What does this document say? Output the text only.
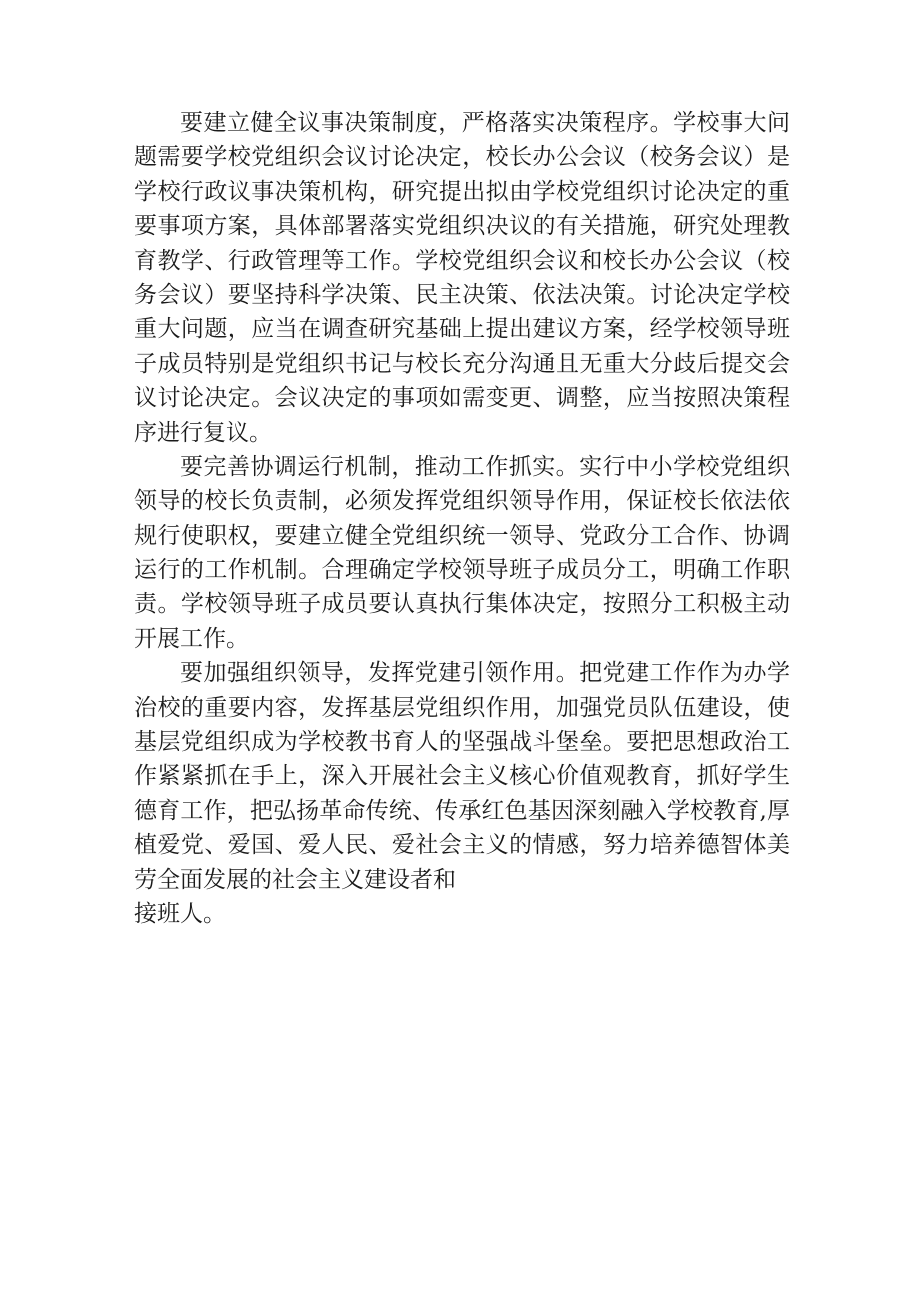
要建立健全议事决策制度，严格落实决策程序。学校事大问
题需要学校党组织会议讨论决定，校长办公会议（校务会议）是
学校行政议事决策机构，研究提出拟由学校党组织讨论决定的重
要事项方案，具体部署落实党组织决议的有关措施，研究处理教
育教学、行政管理等工作。学校党组织会议和校长办公会议（校
务会议）要坚持科学决策、民主决策、依法决策。讨论决定学校
重大问题，应当在调查研究基础上提出建议方案，经学校领导班
子成员特别是党组织书记与校长充分沟通且无重大分歧后提交会
议讨论决定。会议决定的事项如需变更、调整，应当按照决策程
序进行复议。
要完善协调运行机制，推动工作抓实。实行中小学校党组织
领导的校长负责制，必须发挥党组织领导作用，保证校长依法依
规行使职权，要建立健全党组织统一领导、党政分工合作、协调
运行的工作机制。合理确定学校领导班子成员分工，明确工作职
责。学校领导班子成员要认真执行集体决定，按照分工积极主动
开展工作。
要加强组织领导，发挥党建引领作用。把党建工作作为办学
治校的重要内容，发挥基层党组织作用，加强党员队伍建设，使
基层党组织成为学校教书育人的坚强战斗堡垒。要把思想政治工
作紧紧抓在手上，深入开展社会主义核心价值观教育，抓好学生
德育工作，把弘扬革命传统、传承红色基因深刻融入学校教育,厚
植爱党、爱国、爱人民、爱社会主义的情感，努力培养德智体美
劳全面发展的社会主义建设者和
接班人。
